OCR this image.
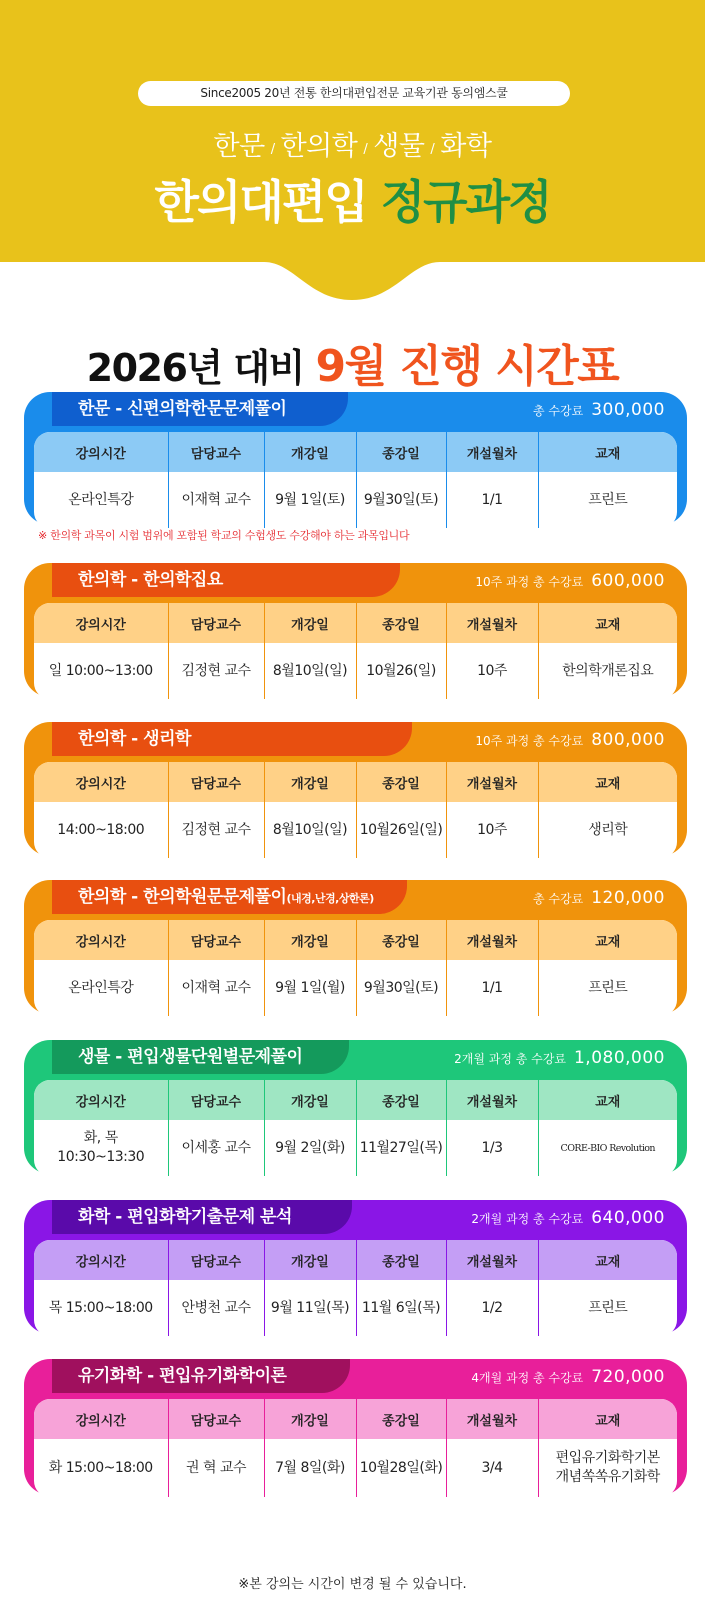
Since2005 20년 전통 한의대편입전문 교육기관 동의엠스쿨
한문 / 한의학 / 생물 / 화학
한의대편입 정규과정
2026년 대비 9월 진행 시간표
한문 - 신편의학한문문제풀이	총 수강료 300,000
강의시간	담당교수	개강일	종강일	개설월차	교재

온라인특강	이재혁 교수	9월 1일(토)	9월30일(토)	1/1	프린트
한의학 - 한의학집요	10주 과정 총 수강료 600,000
강의시간	담당교수	개강일	종강일	개설월차	교재

일 10:00~13:00	김정현 교수	8월10일(일)	10월26(일)	10주	한의학개론집요
한의학 - 생리학	10주 과정 총 수강료 800,000
강의시간	담당교수	개강일	종강일	개설월차	교재

14:00~18:00	김정현 교수	8월10일(일)	10월26일(일)	10주	생리학
한의학 - 한의학원문문제풀이(내경,난경,상한론)	총 수강료 120,000
강의시간	담당교수	개강일	종강일	개설월차	교재

온라인특강	이재혁 교수	9월 1일(월)	9월30일(토)	1/1	프린트
생물 - 편입생물단원별문제풀이	2개월 과정 총 수강료 1,080,000
강의시간	담당교수	개강일	종강일	개설월차	교재

화, 목
10:30~13:30	이세홍 교수	9월 2일(화)	11월27일(목)	1/3	CORE-BIO Revolution
화학 - 편입화학기출문제 분석	2개월 과정 총 수강료 640,000
강의시간	담당교수	개강일	종강일	개설월차	교재

목 15:00~18:00	안병천 교수	9월 11일(목)	11월 6일(목)	1/2	프린트
유기화학 - 편입유기화학이론	4개월 과정 총 수강료 720,000
강의시간	담당교수	개강일	종강일	개설월차	교재

화 15:00~18:00	권 혁 교수	7월 8일(화)	10월28일(화)	3/4	편입유기화학기본
개념쏙쏙유기화학
※ 한의학 과목이 시험 범위에 포함된 학교의 수험생도 수강해야 하는 과목입니다
※본 강의는 시간이 변경 될 수 있습니다.
